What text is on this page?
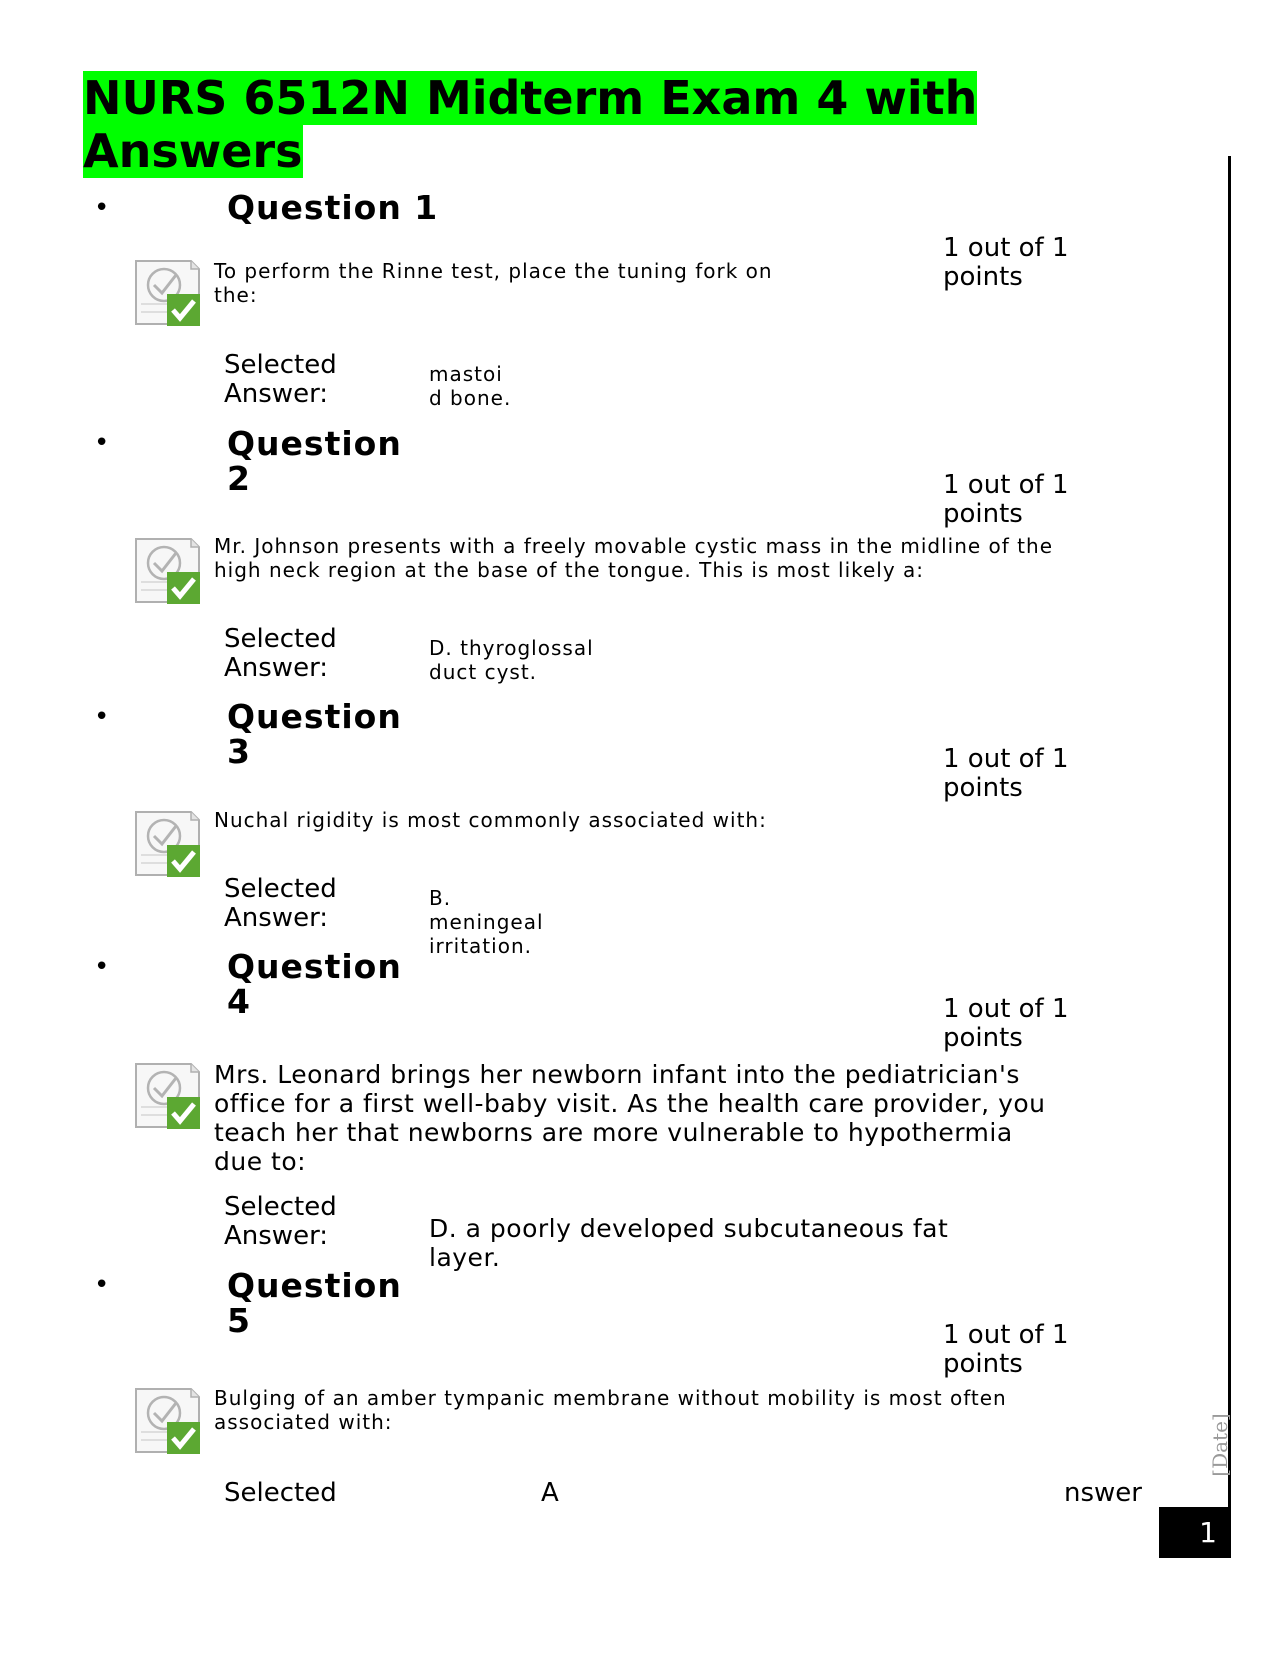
NURS 6512N Midterm Exam 4 with Answers
[Date]
1
•	Question 1
1 out of 1 points
To perform the Rinne test, place the tuning fork on the:
Selected
Answer:
mastoid bone.
•	Question 2	1 out of 1 points
Mr. Johnson presents with a freely movable cystic mass in the midline of the high neck region at the base of the tongue. This is most likely a:
Selected
Answer:
D. thyroglossal duct cyst.
•	Question 3	1 out of 1 points
Nuchal rigidity is most commonly associated with:
Selected
Answer:
B. meningeal irritation.
•	Question 4	1 out of 1 points
Mrs. Leonard brings her newborn infant into the pediatrician's office for a first well-baby visit. As the health care provider, you teach her that newborns are more vulnerable to hypothermia due to:
Selected
Answer:	D. a poorly developed subcutaneous fat layer.
•	Question 5	1 out of 1 points
Bulging of an amber tympanic membrane without mobility is most often associated with:
Selected	A	nswer
